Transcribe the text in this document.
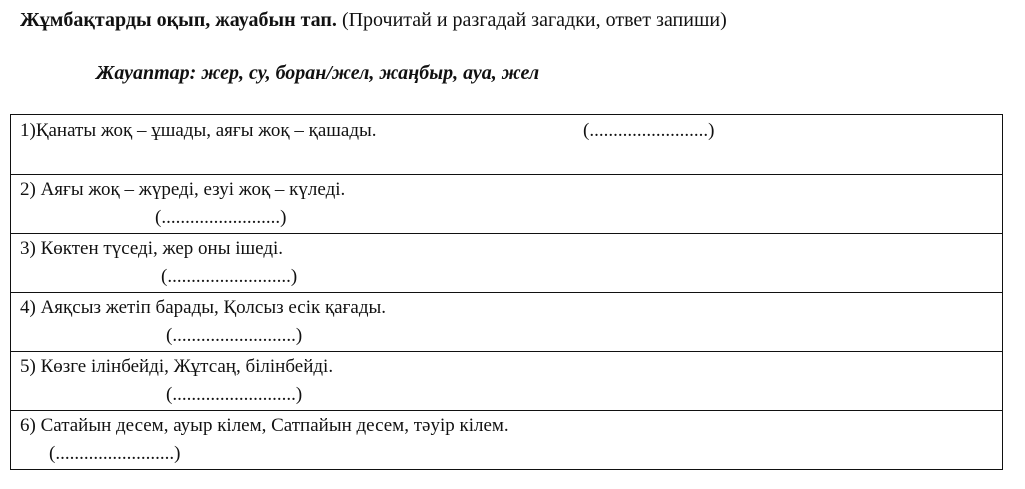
Жұмбақтарды оқып, жауабын тап. (Прочитай и разгадай загадки, ответ запиши)
Жауаптар: жер, су, боран/жел, жаңбыр, ауа, жел
1)Қанаты жоқ – ұшады, аяғы жоқ – қашады.	(.........................)
2) Аяғы жоқ – жүреді, езуі жоқ – күледі.
(.........................)
3) Көктен түседі, жер оны ішеді.
(..........................)
4) Аяқсыз жетіп барады, Қолсыз есік қағады.
(..........................)
5) Көзге ілінбейді, Жұтсаң, білінбейді.
(..........................)
6) Сатайын десем, ауыр кілем, Сатпайын десем, тәуір кілем.
(.........................)
